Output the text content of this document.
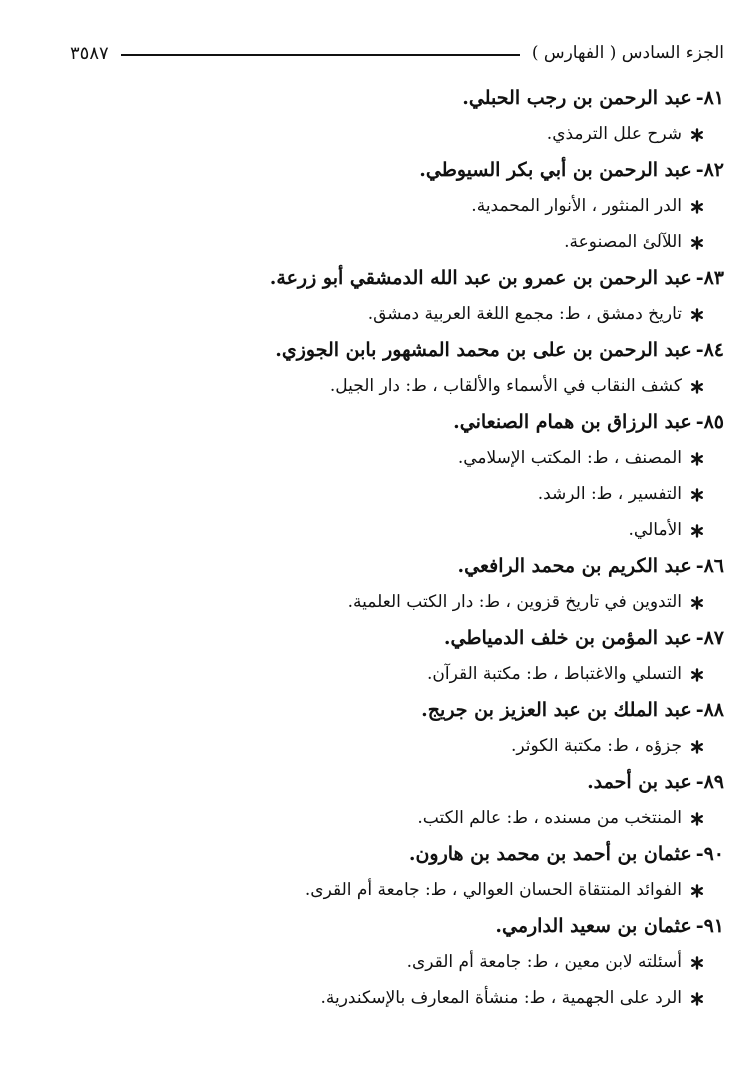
الجزء السادس ( الفهارس )
٣٥٨٧
٨١-
عبد الرحمن بن رجب الحبلي.
شرح علل الترمذي.
٨٢-
عبد الرحمن بن أبي بكر السيوطي.
الدر المنثور ، الأنوار المحمدية.
اللآلئ المصنوعة.
٨٣-
عبد الرحمن بن عمرو بن عبد الله الدمشقي أبو زرعة.
تاريخ دمشق ، ط: مجمع اللغة العربية دمشق.
٨٤-
عبد الرحمن بن على بن محمد المشهور بابن الجوزي.
كشف النقاب في الأسماء والألقاب ، ط: دار الجيل.
٨٥-
عبد الرزاق بن همام الصنعاني.
المصنف ، ط: المكتب الإسلامي.
التفسير ، ط: الرشد.
الأمالي.
٨٦-
عبد الكريم بن محمد الرافعي.
التدوين في تاريخ قزوين ، ط: دار الكتب العلمية.
٨٧-
عبد المؤمن بن خلف الدمياطي.
التسلي والاغتباط ، ط: مكتبة القرآن.
٨٨-
عبد الملك بن عبد العزيز بن جريج.
جزؤه ، ط: مكتبة الكوثر.
٨٩-
عبد بن أحمد.
المنتخب من مسنده ، ط: عالم الكتب.
٩٠-
عثمان بن أحمد بن محمد بن هارون.
الفوائد المنتقاة الحسان العوالي ، ط: جامعة أم القرى.
٩١-
عثمان بن سعيد الدارمي.
أسئلته لابن معين ، ط: جامعة أم القرى.
الرد على الجهمية ، ط: منشأة المعارف بالإسكندرية.
